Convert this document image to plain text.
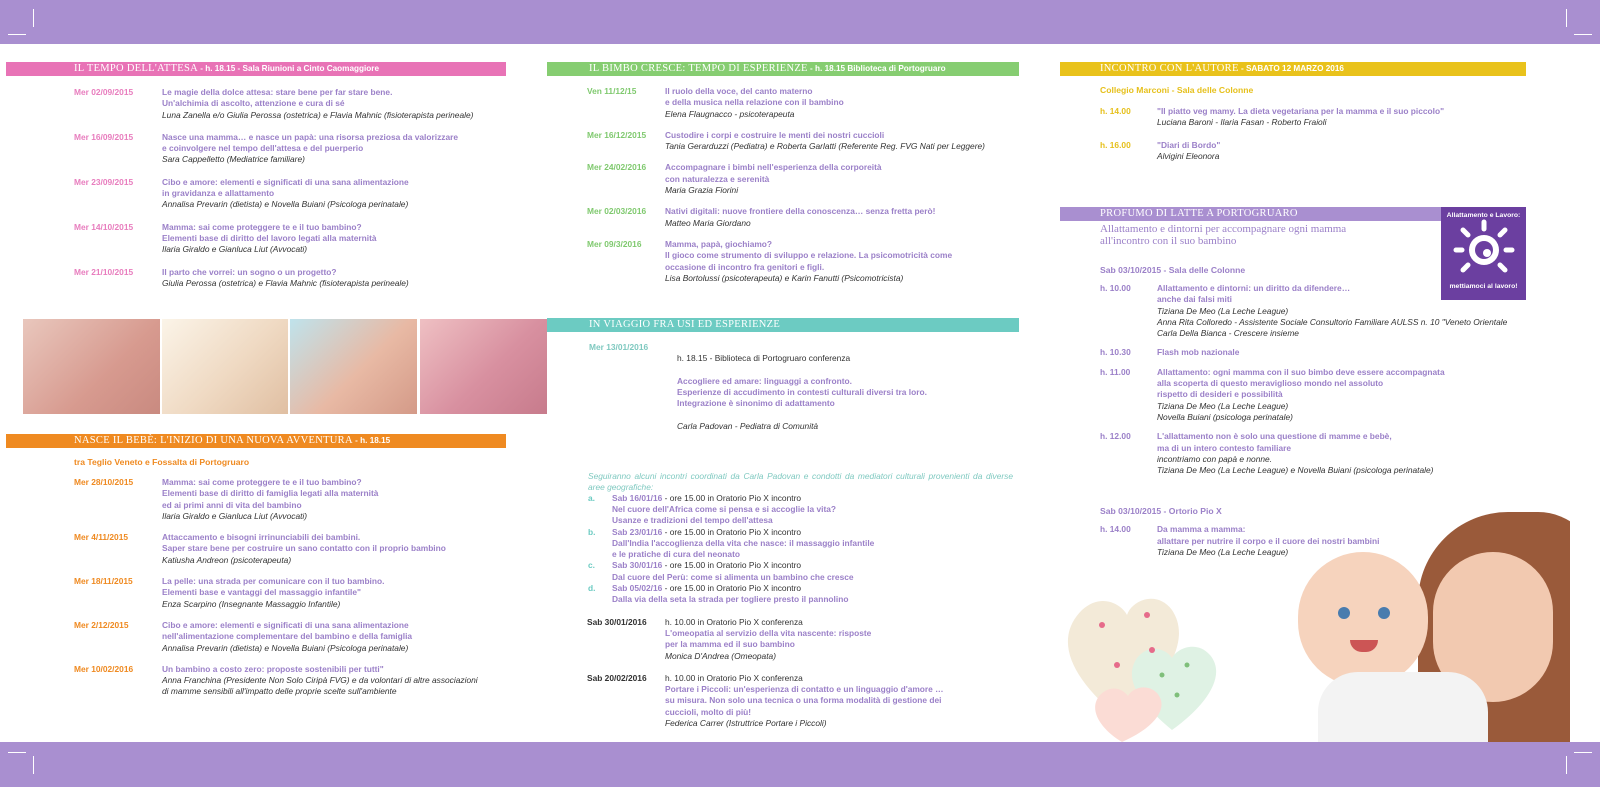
IL TEMPO DELL'ATTESA - h. 18.15 - Sala Riunioni a Cinto Caomaggiore
Mer 02/09/2015	Le magie della dolce attesa: stare bene per far stare bene.
Un'alchimia di ascolto, attenzione e cura di sé
Luna Zanella e/o Giulia Perossa (ostetrica) e Flavia Mahnic (fisioterapista perineale)
Mer 16/09/2015	Nasce una mamma… e nasce un papà: una risorsa preziosa da valorizzare
e coinvolgere nel tempo dell'attesa e del puerperio
Sara Cappelletto (Mediatrice familiare)
Mer 23/09/2015	Cibo e amore: elementi e significati di una sana alimentazione
in gravidanza e allattamento
Annalisa Prevarin (dietista) e Novella Buiani (Psicologa perinatale)
Mer 14/10/2015	Mamma: sai come proteggere te e il tuo bambino?
Elementi base di diritto del lavoro legati alla maternità
Ilaria Giraldo e Gianluca Liut (Avvocati)
Mer 21/10/2015	Il parto che vorrei: un sogno o un progetto?
Giulia Perossa (ostetrica) e Flavia Mahnic (fisioterapista perineale)
NASCE IL BEBÈ: L'INIZIO DI UNA NUOVA AVVENTURA - h. 18.15
tra Teglio Veneto e Fossalta di Portogruaro
Mer 28/10/2015	Mamma: sai come proteggere te e il tuo bambino?
Elementi base di diritto di famiglia legati alla maternità
ed ai primi anni di vita del bambino
Ilaria Giraldo e Gianluca Liut (Avvocati)
Mer 4/11/2015	Attaccamento e bisogni irrinunciabili dei bambini.
Saper stare bene per costruire un sano contatto con il proprio bambino
Katiusha Andreon (psicoterapeuta)
Mer 18/11/2015	La pelle: una strada per comunicare con il tuo bambino.
Elementi base e vantaggi del massaggio infantile"
Enza Scarpino (Insegnante Massaggio Infantile)
Mer 2/12/2015	Cibo e amore: elementi e significati di una sana alimentazione
nell'alimentazione complementare del bambino e della famiglia
Annalisa Prevarin (dietista) e Novella Buiani (Psicologa perinatale)
Mer 10/02/2016	Un bambino a costo zero: proposte sostenibili per tutti"
Anna Franchina (Presidente Non Solo Ciripà FVG) e da volontari di altre associazioni
di mamme sensibili all'impatto delle proprie scelte sull'ambiente
IL BIMBO CRESCE: TEMPO DI ESPERIENZE - h. 18.15 Biblioteca di Portogruaro
Ven 11/12/15	Il ruolo della voce, del canto materno
e della musica nella relazione con il bambino
Elena Flaugnacco - psicoterapeuta
Mer 16/12/2015	Custodire i corpi e costruire le menti dei nostri cuccioli
Tania Gerarduzzi (Pediatra) e Roberta Garlatti (Referente Reg. FVG Nati per Leggere)
Mer 24/02/2016	Accompagnare i bimbi nell'esperienza della corporeità
con naturalezza e serenità
Maria Grazia Fiorini
Mer 02/03/2016	Nativi digitali: nuove frontiere della conoscenza… senza fretta però!
Matteo Maria Giordano
Mer 09/3/2016	Mamma, papà, giochiamo?
Il gioco come strumento di sviluppo e relazione. La psicomotricità come
occasione di incontro fra genitori e figli.
Lisa Bortolussi (psicoterapeuta) e Karin Fanutti (Psicomotricista)
IN VIAGGIO FRA USI ED ESPERIENZE
Mer 13/01/2016

h. 18.15 - Biblioteca di Portogruaro conferenza

Accogliere ed amare: linguaggi a confronto.
Esperienze di accudimento in contesti culturali diversi tra loro.
Integrazione è sinonimo di adattamento

Carla Padovan - Pediatra di Comunità

Seguiranno alcuni incontri coordinati da Carla Padovan e condotti da mediatori culturali provenienti da diverse aree geografiche:
a.	Sab 16/01/16 - ore 15.00 in Oratorio Pio X incontro
Nel cuore dell'Africa come si pensa e si accoglie la vita?
Usanze e tradizioni del tempo dell'attesa
b.	Sab 23/01/16 - ore 15.00 in Oratorio Pio X incontro
Dall'India l'accoglienza della vita che nasce: il massaggio infantile
e le pratiche di cura del neonato
c.	Sab 30/01/16 - ore 15.00 in Oratorio Pio X incontro
Dal cuore del Perù: come si alimenta un bambino che cresce
d.	Sab 05/02/16 - ore 15.00 in Oratorio Pio X incontro
Dalla via della seta la strada per togliere presto il pannolino
Sab 30/01/2016	h. 10.00 in Oratorio Pio X conferenza
L'omeopatia al servizio della vita nascente: risposte
per la mamma ed il suo bambino
Monica D'Andrea (Omeopata)
Sab 20/02/2016	h. 10.00 in Oratorio Pio X conferenza
Portare i Piccoli: un'esperienza di contatto e un linguaggio d'amore …
su misura. Non solo una tecnica o una forma modalità di gestione dei
cuccioli, molto di più!
Federica Carrer (Istruttrice Portare i Piccoli)
INCONTRO CON L'AUTORE - SABATO 12 MARZO 2016
Collegio Marconi - Sala delle Colonne
h. 14.00	"Il piatto veg mamy. La dieta vegetariana per la mamma e il suo piccolo"
Luciana Baroni - Ilaria Fasan - Roberto Fraioli
h. 16.00	"Diari di Bordo"
Alvigini Eleonora
PROFUMO DI LATTE A PORTOGRUARO
Allattamento e dintorni per accompagnare ogni mamma
all'incontro con il suo bambino
Allattamento e Lavoro:
mettiamoci al lavoro!
Sab 03/10/2015 - Sala delle Colonne
h. 10.00	Allattamento e dintorni: un diritto da difendere…
anche dai falsi miti
Tiziana De Meo (La Leche League)
Anna Rita Colloredo - Assistente Sociale Consultorio Familiare AULSS n. 10 "Veneto Orientale
Carla Della Bianca - Crescere insieme
h. 10.30	Flash mob nazionale
h. 11.00	Allattamento: ogni mamma con il suo bimbo deve essere accompagnata
alla scoperta di questo meraviglioso mondo nel assoluto
rispetto di desideri e possibilità
Tiziana De Meo (La Leche League)
Novella Buiani (psicologa perinatale)
h. 12.00	L'allattamento non è solo una questione di mamme e bebè,
ma di un intero contesto familiare
incontriamo con papà e nonne.
Tiziana De Meo (La Leche League) e Novella Buiani (psicologa perinatale)
Sab 03/10/2015 - Ortorio Pio X
h. 14.00	Da mamma a mamma:
allattare per nutrire il corpo e il cuore dei nostri bambini
Tiziana De Meo (La Leche League)
